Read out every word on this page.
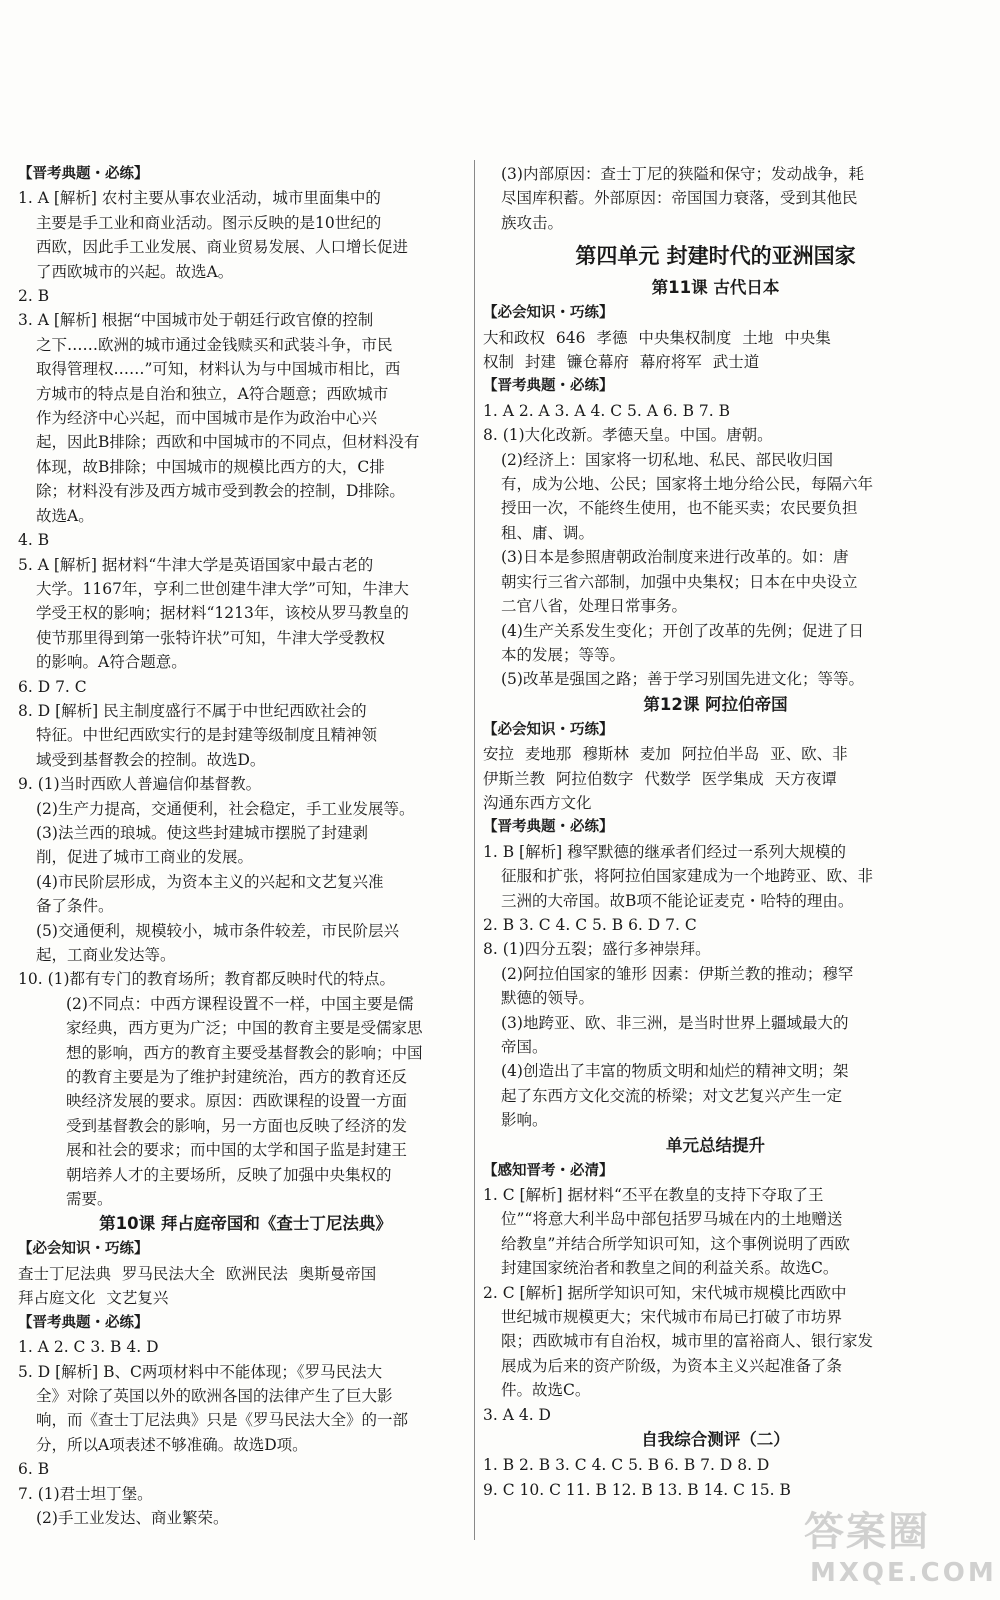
【晋考典题・必练】
1. A [解析] 农村主要从事农业活动，城市里面集中的
主要是手工业和商业活动。图示反映的是10世纪的
西欧，因此手工业发展、商业贸易发展、人口增长促进
了西欧城市的兴起。故选A。
2. B
3. A [解析] 根据“中国城市处于朝廷行政官僚的控制
之下……欧洲的城市通过金钱赎买和武装斗争，市民
取得管理权……”可知，材料认为与中国城市相比，西
方城市的特点是自治和独立，A符合题意；西欧城市
作为经济中心兴起，而中国城市是作为政治中心兴
起，因此B排除；西欧和中国城市的不同点，但材料没有
体现，故B排除；中国城市的规模比西方的大，C排
除；材料没有涉及西方城市受到教会的控制，D排除。
故选A。
4. B
5. A [解析] 据材料“牛津大学是英语国家中最古老的
大学。1167年，亨利二世创建牛津大学”可知，牛津大
学受王权的影响；据材料“1213年，该校从罗马教皇的
使节那里得到第一张特许状”可知，牛津大学受教权
的影响。A符合题意。
6. D 7. C
8. D [解析] 民主制度盛行不属于中世纪西欧社会的
特征。中世纪西欧实行的是封建等级制度且精神领
域受到基督教会的控制。故选D。
9. (1)当时西欧人普遍信仰基督教。
(2)生产力提高，交通便利，社会稳定，手工业发展等。
(3)法兰西的琅城。使这些封建城市摆脱了封建剥
削，促进了城市工商业的发展。
(4)市民阶层形成，为资本主义的兴起和文艺复兴准
备了条件。
(5)交通便利，规模较小，城市条件较差，市民阶层兴
起，工商业发达等。
10. (1)都有专门的教育场所；教育都反映时代的特点。
(2)不同点：中西方课程设置不一样，中国主要是儒
家经典，西方更为广泛；中国的教育主要是受儒家思
想的影响，西方的教育主要受基督教会的影响；中国
的教育主要是为了维护封建统治，西方的教育还反
映经济发展的要求。原因：西欧课程的设置一方面
受到基督教会的影响，另一方面也反映了经济的发
展和社会的要求；而中国的太学和国子监是封建王
朝培养人才的主要场所，反映了加强中央集权的
需要。
第10课 拜占庭帝国和《查士丁尼法典》
【必会知识・巧练】
查士丁尼法典 罗马民法大全 欧洲民法 奥斯曼帝国
拜占庭文化 文艺复兴
【晋考典题・必练】
1. A 2. C 3. B 4. D
5. D [解析] B、C两项材料中不能体现；《罗马民法大
全》对除了英国以外的欧洲各国的法律产生了巨大影
响，而《查士丁尼法典》只是《罗马民法大全》的一部
分，所以A项表述不够准确。故选D项。
6. B
7. (1)君士坦丁堡。
(2)手工业发达、商业繁荣。
(3)内部原因：查士丁尼的狭隘和保守；发动战争，耗
尽国库积蓄。外部原因：帝国国力衰落，受到其他民
族攻击。
第四单元 封建时代的亚洲国家
第11课 古代日本
【必会知识・巧练】
大和政权 646 孝德 中央集权制度 土地 中央集
权制 封建 镰仓幕府 幕府将军 武士道
【晋考典题・必练】
1. A 2. A 3. A 4. C 5. A 6. B 7. B
8. (1)大化改新。孝德天皇。中国。唐朝。
(2)经济上：国家将一切私地、私民、部民收归国
有，成为公地、公民；国家将土地分给公民，每隔六年
授田一次，不能终生使用，也不能买卖；农民要负担
租、庸、调。
(3)日本是参照唐朝政治制度来进行改革的。如：唐
朝实行三省六部制，加强中央集权；日本在中央设立
二官八省，处理日常事务。
(4)生产关系发生变化；开创了改革的先例；促进了日
本的发展；等等。
(5)改革是强国之路；善于学习别国先进文化；等等。
第12课 阿拉伯帝国
【必会知识・巧练】
安拉 麦地那 穆斯林 麦加 阿拉伯半岛 亚、欧、非
伊斯兰教 阿拉伯数字 代数学 医学集成 天方夜谭
沟通东西方文化
【晋考典题・必练】
1. B [解析] 穆罕默德的继承者们经过一系列大规模的
征服和扩张，将阿拉伯国家建成为一个地跨亚、欧、非
三洲的大帝国。故B项不能论证麦克・哈特的理由。
2. B 3. C 4. C 5. B 6. D 7. C
8. (1)四分五裂；盛行多神崇拜。
(2)阿拉伯国家的雏形 因素：伊斯兰教的推动；穆罕
默德的领导。
(3)地跨亚、欧、非三洲，是当时世界上疆域最大的
帝国。
(4)创造出了丰富的物质文明和灿烂的精神文明；架
起了东西方文化交流的桥梁；对文艺复兴产生一定
影响。
单元总结提升
【感知晋考・必清】
1. C [解析] 据材料“丕平在教皇的支持下夺取了王
位”“将意大利半岛中部包括罗马城在内的土地赠送
给教皇”并结合所学知识可知，这个事例说明了西欧
封建国家统治者和教皇之间的利益关系。故选C。
2. C [解析] 据所学知识可知，宋代城市规模比西欧中
世纪城市规模更大；宋代城市布局已打破了市坊界
限；西欧城市有自治权，城市里的富裕商人、银行家发
展成为后来的资产阶级，为资本主义兴起准备了条
件。故选C。
3. A 4. D
自我综合测评（二）
1. B 2. B 3. C 4. C 5. B 6. B 7. D 8. D
9. C 10. C 11. B 12. B 13. B 14. C 15. B
答案圈
MXQE.COM
